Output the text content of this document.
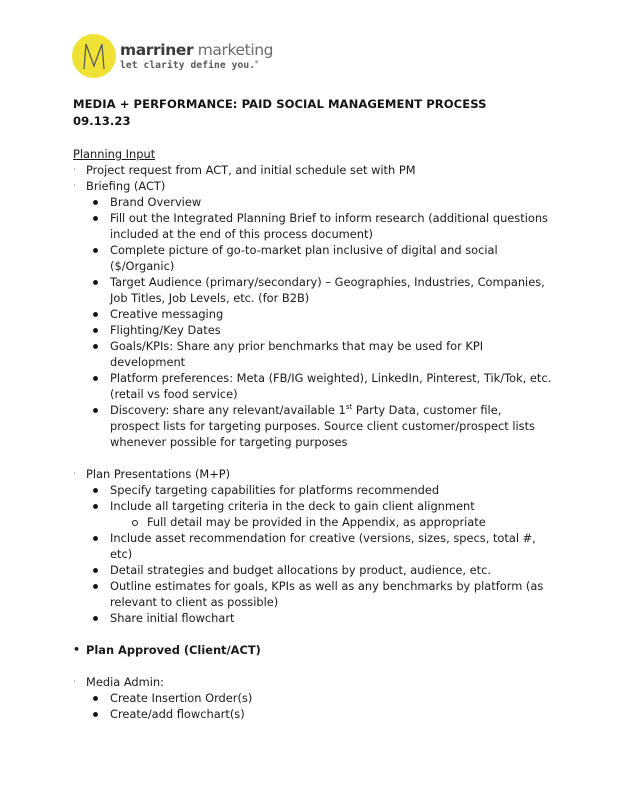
marriner marketing
let clarity define you.®
MEDIA + PERFORMANCE: PAID SOCIAL MANAGEMENT PROCESS
09.13.23
Planning Input
· Project request from ACT, and initial schedule set with PM
· Briefing (ACT)
Brand Overview
Fill out the Integrated Planning Brief to inform research (additional questions included at the end of this process document)
Complete picture of go-to-market plan inclusive of digital and social ($/Organic)
Target Audience (primary/secondary) – Geographies, Industries, Companies, Job Titles, Job Levels, etc. (for B2B)
Creative messaging
Flighting/Key Dates
Goals/KPIs: Share any prior benchmarks that may be used for KPI development
Platform preferences: Meta (FB/IG weighted), LinkedIn, Pinterest, Tik/Tok, etc. (retail vs food service)
Discovery: share any relevant/available 1st Party Data, customer file, prospect lists for targeting purposes. Source client customer/prospect lists whenever possible for targeting purposes
· Plan Presentations (M+P)
Specify targeting capabilities for platforms recommended
Include all targeting criteria in the deck to gain client alignment
Full detail may be provided in the Appendix, as appropriate
Include asset recommendation for creative (versions, sizes, specs, total #, etc)
Detail strategies and budget allocations by product, audience, etc.
Outline estimates for goals, KPIs as well as any benchmarks by platform (as relevant to client as possible)
Share initial flowchart
• Plan Approved (Client/ACT)
· Media Admin:
Create Insertion Order(s)
Create/add flowchart(s)
